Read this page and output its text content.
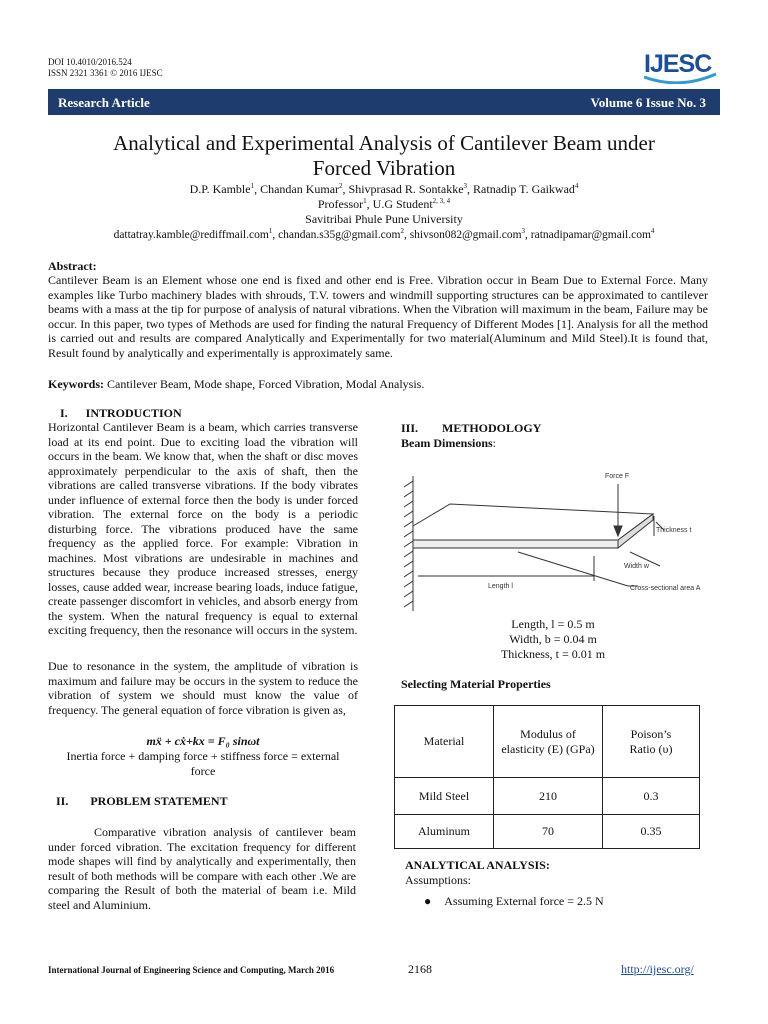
DOI 10.4010/2016.524
ISSN 2321 3361 © 2016 IJESC	IJESC
Research Article	Volume 6 Issue No. 3
Analytical and Experimental Analysis of Cantilever Beam under
Forced Vibration
D.P. Kamble$^1$, Chandan Kumar$^2$, Shivprasad R. Sontakke$^3$, Ratnadip T. Gaikwad$^4$
Professor$^1$, U.G Student$^{2, 3, 4}$
Savitribai Phule Pune University
dattatray.kamble@rediffmail.com$^1$, chandan.s35g@gmail.com$^2$, shivson082@gmail.com$^3$, ratnadipamar@gmail.com$^4$
Abstract:
Cantilever Beam is an Element whose one end is fixed and other end is Free. Vibration occur in Beam Due to External Force. Many examples like Turbo machinery blades with shrouds, T.V. towers and windmill supporting structures can be approximated to cantilever beams with a mass at the tip for purpose of analysis of natural vibrations. When the Vibration will maximum in the beam, Failure may be occur. In this paper, two types of Methods are used for finding the natural Frequency of Different Modes [1]. Analysis for all the method is carried out and results are compared Analytically and Experimentally for two material(Aluminum and Mild Steel).It is found that, Result found by analytically and experimentally is approximately same.
Keywords: Cantilever Beam, Mode shape, Forced Vibration, Modal Analysis.
I. INTRODUCTION
Horizontal Cantilever Beam is a beam, which carries transverse load at its end point. Due to exciting load the vibration will occurs in the beam. We know that, when the shaft or disc moves approximately perpendicular to the axis of shaft, then the vibrations are called transverse vibrations. If the body vibrates under influence of external force then the body is under forced vibration. The external force on the body is a periodic disturbing force. The vibrations produced have the same frequency as the applied force. For example: Vibration in machines. Most vibrations are undesirable in machines and structures because they produce increased stresses, energy losses, cause added wear, increase bearing loads, induce fatigue, create passenger discomfort in vehicles, and absorb energy from the system. When the natural frequency is equal to external exciting frequency, then the resonance will occurs in the system.
Due to resonance in the system, the amplitude of vibration is maximum and failure may be occurs in the system to reduce the vibration of system we should must know the value of frequency. The general equation of force vibration is given as,
mẍ + cẋ+kx = F₀ sinωt
Inertia force + damping force + stiffness force = external force
II. PROBLEM STATEMENT
Comparative vibration analysis of cantilever beam under forced vibration. The excitation frequency for different mode shapes will find by analytically and experimentally, then result of both methods will be compare with each other .We are comparing the Result of both the material of beam i.e. Mild steel and Aluminium.
III. METHODOLOGY
Beam Dimensions:
Force F
Thickness t
Width w
Length l	Cross-sectional area A
Length, l = 0.5 m
Width, b = 0.04 m
Thickness, t = 0.01 m
Selecting Material Properties
Material	Modulus of elasticity (E) (GPa)	Poison’s Ratio (υ)
Mild Steel	210	0.3
Aluminum	70	0.35
ANALYTICAL ANALYSIS:
Assumptions:
● Assuming External force = 2.5 N
International Journal of Engineering Science and Computing, March 2016	2168	http://ijesc.org/
